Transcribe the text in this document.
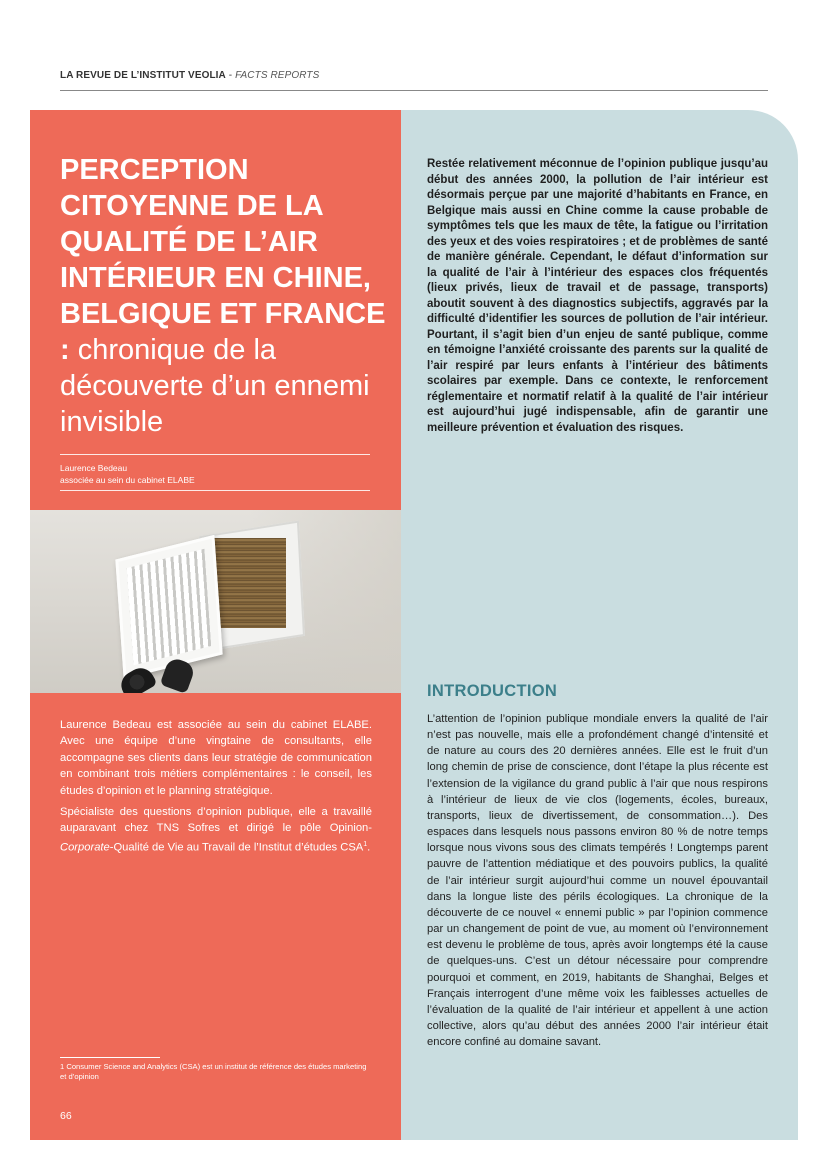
LA REVUE DE L’INSTITUT VEOLIA - FACTS REPORTS
PERCEPTION CITOYENNE DE LA QUALITÉ DE L’AIR INTÉRIEUR EN CHINE, BELGIQUE ET FRANCE : chronique de la découverte d’un ennemi invisible
Laurence Bedeau
associée au sein du cabinet ELABE

Laurence Bedeau est associée au sein du cabinet ELABE. Avec une équipe d’une vingtaine de consultants, elle accompagne ses clients dans leur stratégie de communication en combinant trois métiers complémentaires : le conseil, les études d’opinion et le planning stratégique.

Spécialiste des questions d’opinion publique, elle a travaillé auparavant chez TNS Sofres et dirigé le pôle Opinion-Corporate-Qualité de Vie au Travail de l’Institut d’études CSA$^1$.

1 Consumer Science and Analytics (CSA) est un institut de référence des études marketing et d’opinion
66

Restée relativement méconnue de l’opinion publique jusqu’au début des années 2000, la pollution de l’air intérieur est désormais perçue par une majorité d’habitants en France, en Belgique mais aussi en Chine comme la cause probable de symptômes tels que les maux de tête, la fatigue ou l’irritation des yeux et des voies respiratoires ; et de problèmes de santé de manière générale. Cependant, le défaut d’information sur la qualité de l’air à l’intérieur des espaces clos fréquentés (lieux privés, lieux de travail et de passage, transports) aboutit souvent à des diagnostics subjectifs, aggravés par la difficulté d’identifier les sources de pollution de l’air intérieur. Pourtant, il s’agit bien d’un enjeu de santé publique, comme en témoigne l’anxiété croissante des parents sur la qualité de l’air respiré par leurs enfants à l’intérieur des bâtiments scolaires par exemple. Dans ce contexte, le renforcement réglementaire et normatif relatif à la qualité de l’air intérieur est aujourd’hui jugé indispensable, afin de garantir une meilleure prévention et évaluation des risques.

INTRODUCTION

L’attention de l’opinion publique mondiale envers la qualité de l’air n’est pas nouvelle, mais elle a profondément changé d’intensité et de nature au cours des 20 dernières années. Elle est le fruit d’un long chemin de prise de conscience, dont l’étape la plus récente est l’extension de la vigilance du grand public à l’air que nous respirons à l’intérieur de lieux de vie clos (logements, écoles, bureaux, transports, lieux de divertissement, de consommation…). Des espaces dans lesquels nous passons environ 80 % de notre temps lorsque nous vivons sous des climats tempérés ! Longtemps parent pauvre de l’attention médiatique et des pouvoirs publics, la qualité de l’air intérieur surgit aujourd’hui comme un nouvel épouvantail dans la longue liste des périls écologiques. La chronique de la découverte de ce nouvel « ennemi public » par l’opinion commence par un changement de point de vue, au moment où l’environnement est devenu le problème de tous, après avoir longtemps été la cause de quelques-uns. C’est un détour nécessaire pour comprendre pourquoi et comment, en 2019, habitants de Shanghai, Belges et Français interrogent d’une même voix les faiblesses actuelles de l’évaluation de la qualité de l’air intérieur et appellent à une action collective, alors qu’au début des années 2000 l’air intérieur était encore confiné au domaine savant.
